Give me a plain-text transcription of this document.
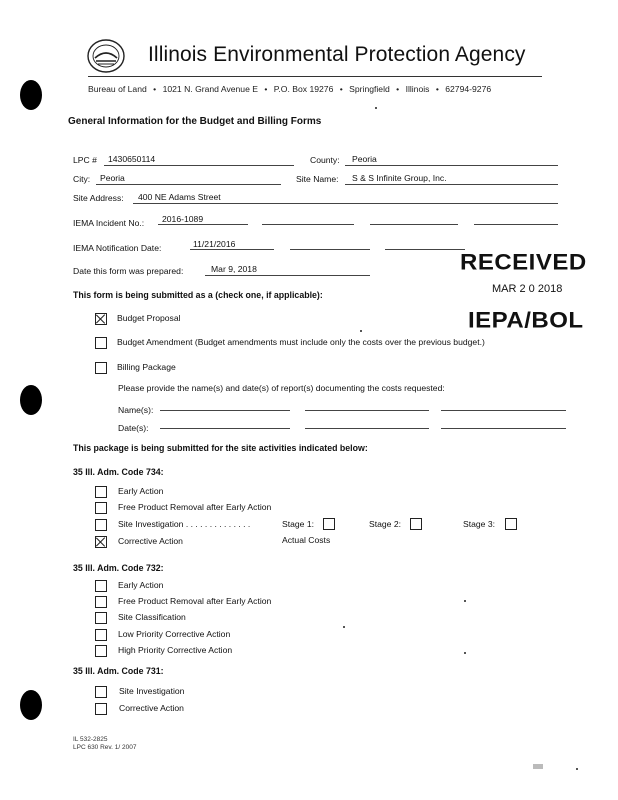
Illinois Environmental Protection Agency
Bureau of Land • 1021 N. Grand Avenue E • P.O. Box 19276 • Springfield • Illinois • 62794-9276
General Information for the Budget and Billing Forms
LPC # 1430650114	County: Peoria
City: Peoria	Site Name: S & S Infinite Group, Inc.
Site Address: 400 NE Adams Street
IEMA Incident No.: 2016-1089
IEMA Notification Date:	11/21/2016
Date this form was prepared:	Mar 9, 2018	RECEIVED
MAR 2 0 2018
IEPA/BOL
This form is being submitted as a (check one, if applicable):
Budget Proposal
Budget Amendment (Budget amendments must include only the costs over the previous budget.)
Billing Package
Please provide the name(s) and date(s) of report(s) documenting the costs requested:
Name(s):
Date(s):
This package is being submitted for the site activities indicated below:
35 Ill. Adm. Code 734:
Early Action
Free Product Removal after Early Action
Site Investigation . . . . . . . . . . . . . .	Stage 1:	Stage 2:	Stage 3:
Corrective Action	Actual Costs
35 Ill. Adm. Code 732:
Early Action
Free Product Removal after Early Action
Site Classification
Low Priority Corrective Action
High Priority Corrective Action
35 Ill. Adm. Code 731:
Site Investigation
Corrective Action
IL 532-2825
LPC 630 Rev. 1/ 2007
